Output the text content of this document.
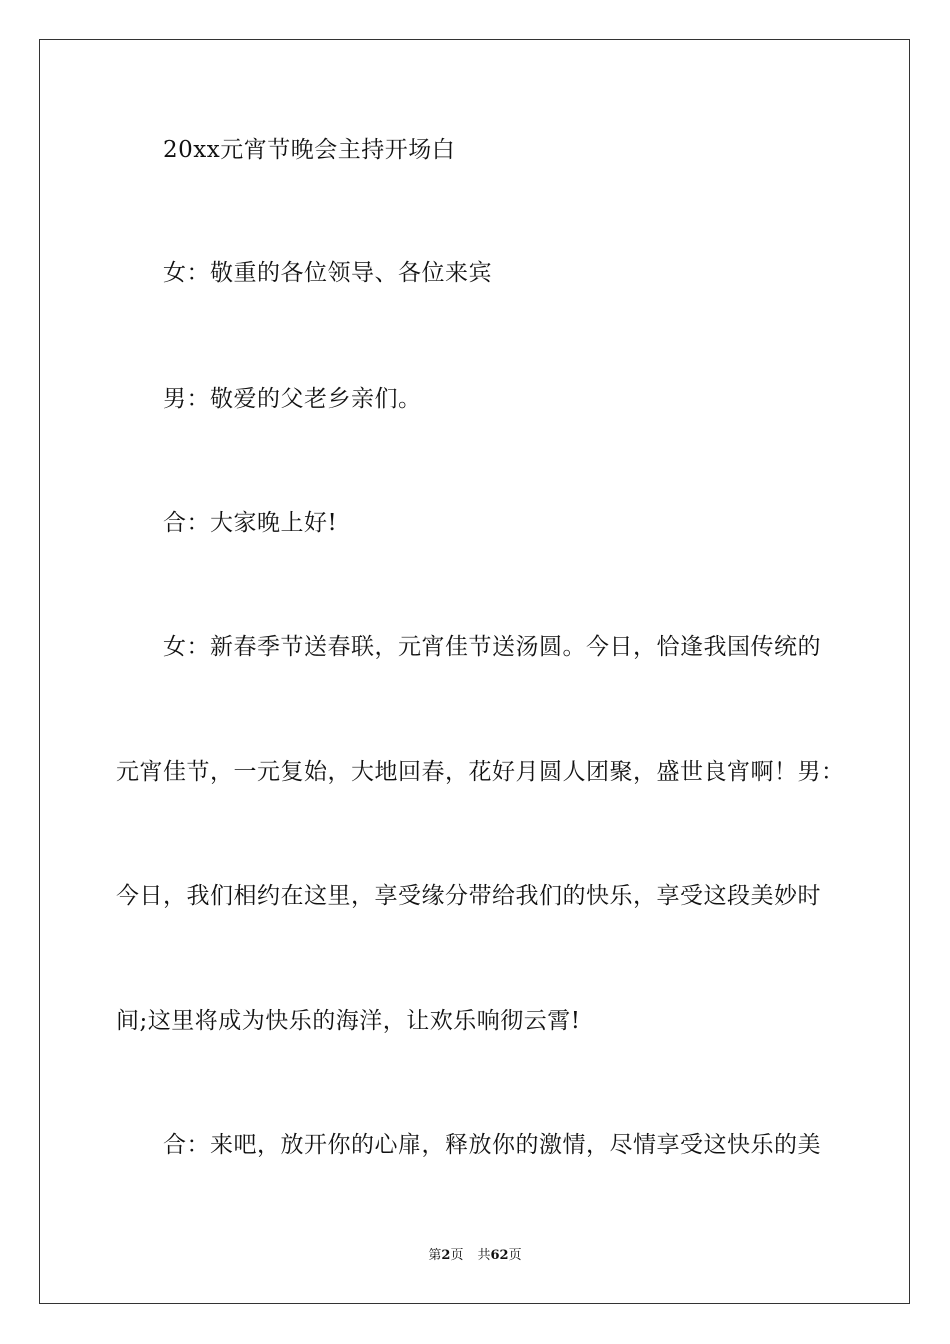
20xx元宵节晚会主持开场白
女：敬重的各位领导、各位来宾
男：敬爱的父老乡亲们。
合：大家晚上好!
女：新春季节送春联，元宵佳节送汤圆。今日，恰逢我国传统的
元宵佳节，一元复始，大地回春，花好月圆人团聚，盛世良宵啊！男：
今日，我们相约在这里，享受缘分带给我们的快乐，享受这段美妙时
间;这里将成为快乐的海洋，让欢乐响彻云霄!
合：来吧，放开你的心扉，释放你的激情，尽情享受这快乐的美
第2页 共62页
